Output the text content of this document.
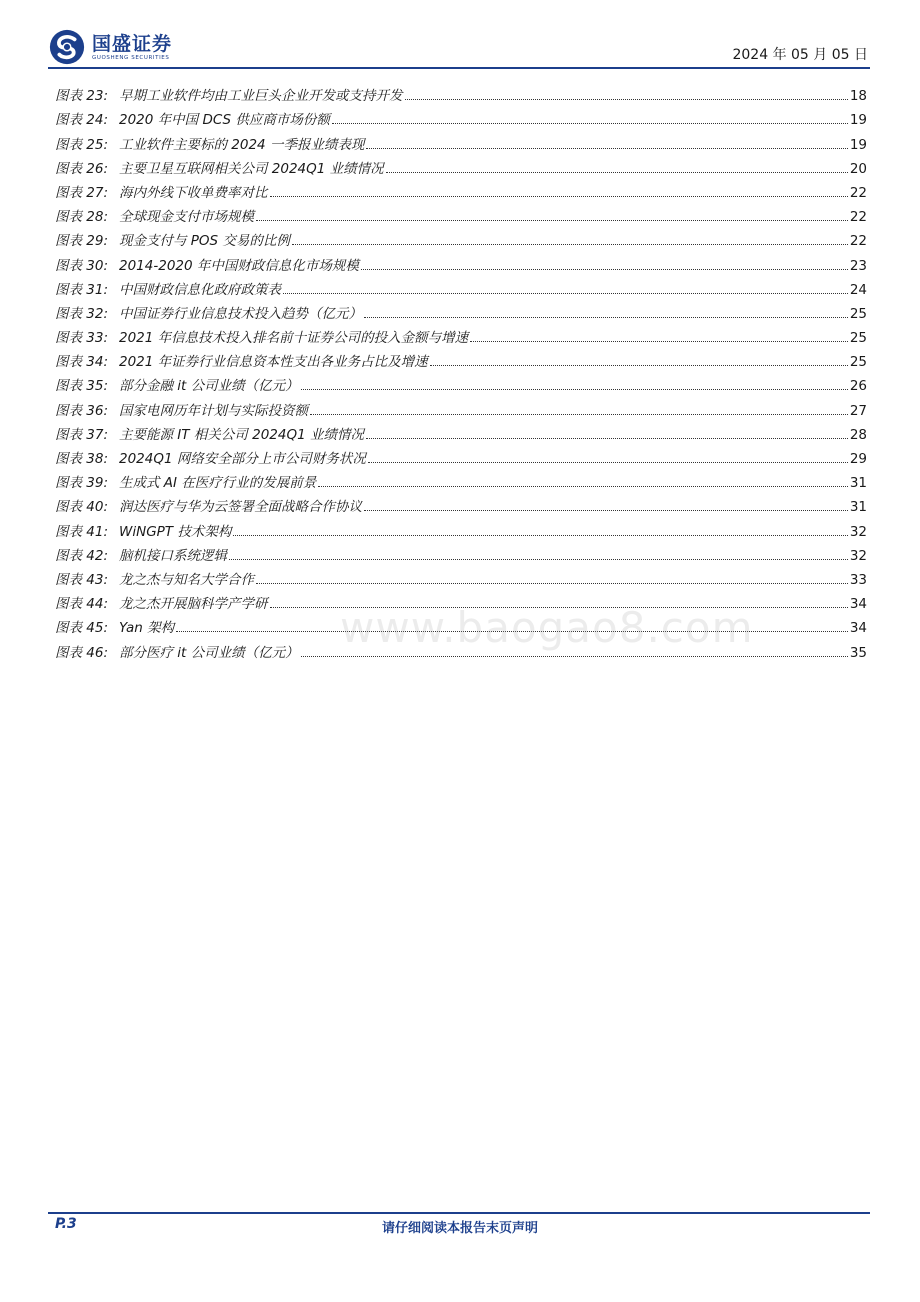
国盛证券
GUOSHENG SECURITIES	2024 年 05 月 05 日
图表 23: 早期工业软件均由工业巨头企业开发或支持开发	18
图表 24: 2020 年中国 DCS 供应商市场份额	19
图表 25: 工业软件主要标的 2024 一季报业绩表现	19
图表 26: 主要卫星互联网相关公司 2024Q1 业绩情况	20
图表 27: 海内外线下收单费率对比	22
图表 28: 全球现金支付市场规模	22
图表 29: 现金支付与 POS 交易的比例	22
图表 30: 2014-2020 年中国财政信息化市场规模	23
图表 31: 中国财政信息化政府政策表	24
图表 32: 中国证券行业信息技术投入趋势（亿元）	25
图表 33: 2021 年信息技术投入排名前十证券公司的投入金额与增速	25
图表 34: 2021 年证券行业信息资本性支出各业务占比及增速	25
图表 35: 部分金融 it 公司业绩（亿元）	26
图表 36: 国家电网历年计划与实际投资额	27
图表 37: 主要能源 IT 相关公司 2024Q1 业绩情况	28
图表 38: 2024Q1 网络安全部分上市公司财务状况	29
图表 39: 生成式 AI 在医疗行业的发展前景	31
图表 40: 润达医疗与华为云签署全面战略合作协议	31
图表 41: WiNGPT 技术架构	32
图表 42: 脑机接口系统逻辑	32
图表 43: 龙之杰与知名大学合作	33
图表 44: 龙之杰开展脑科学产学研	34
图表 45: Yan 架构	34
图表 46: 部分医疗 it 公司业绩（亿元）	35
www.baogao8.com
P.3	请仔细阅读本报告末页声明
